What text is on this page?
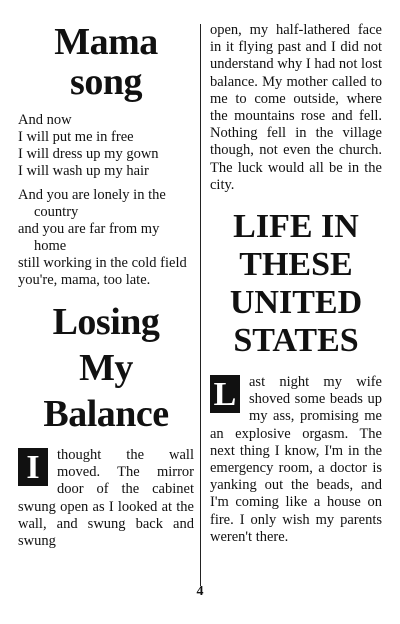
Mama
song

And now

I will put me in free

I will dress up my gown

I will wash up my hair

And you are lonely in the country

and you are far from my home

still working in the cold field

you're, mama, too late.

Losing
My
Balance

I	thought the wall moved. The mirror door of the cabinet swung open as I looked at the wall, and swung back and swung

open, my half-lathered face in it flying past and I did not understand why I had not lost balance. My mother called to me to come outside, where the mountains rose and fell. Nothing fell in the village though, not even the church. The luck would all be in the city.

LIFE IN
THESE
UNITED
STATES

L ast night my wife shoved some beads up my ass, promising me an explosive orgasm. The next thing I know, I'm in the emergency room, a doctor is yanking out the beads, and I'm coming like a house on fire. I only wish my parents weren't there.

4
